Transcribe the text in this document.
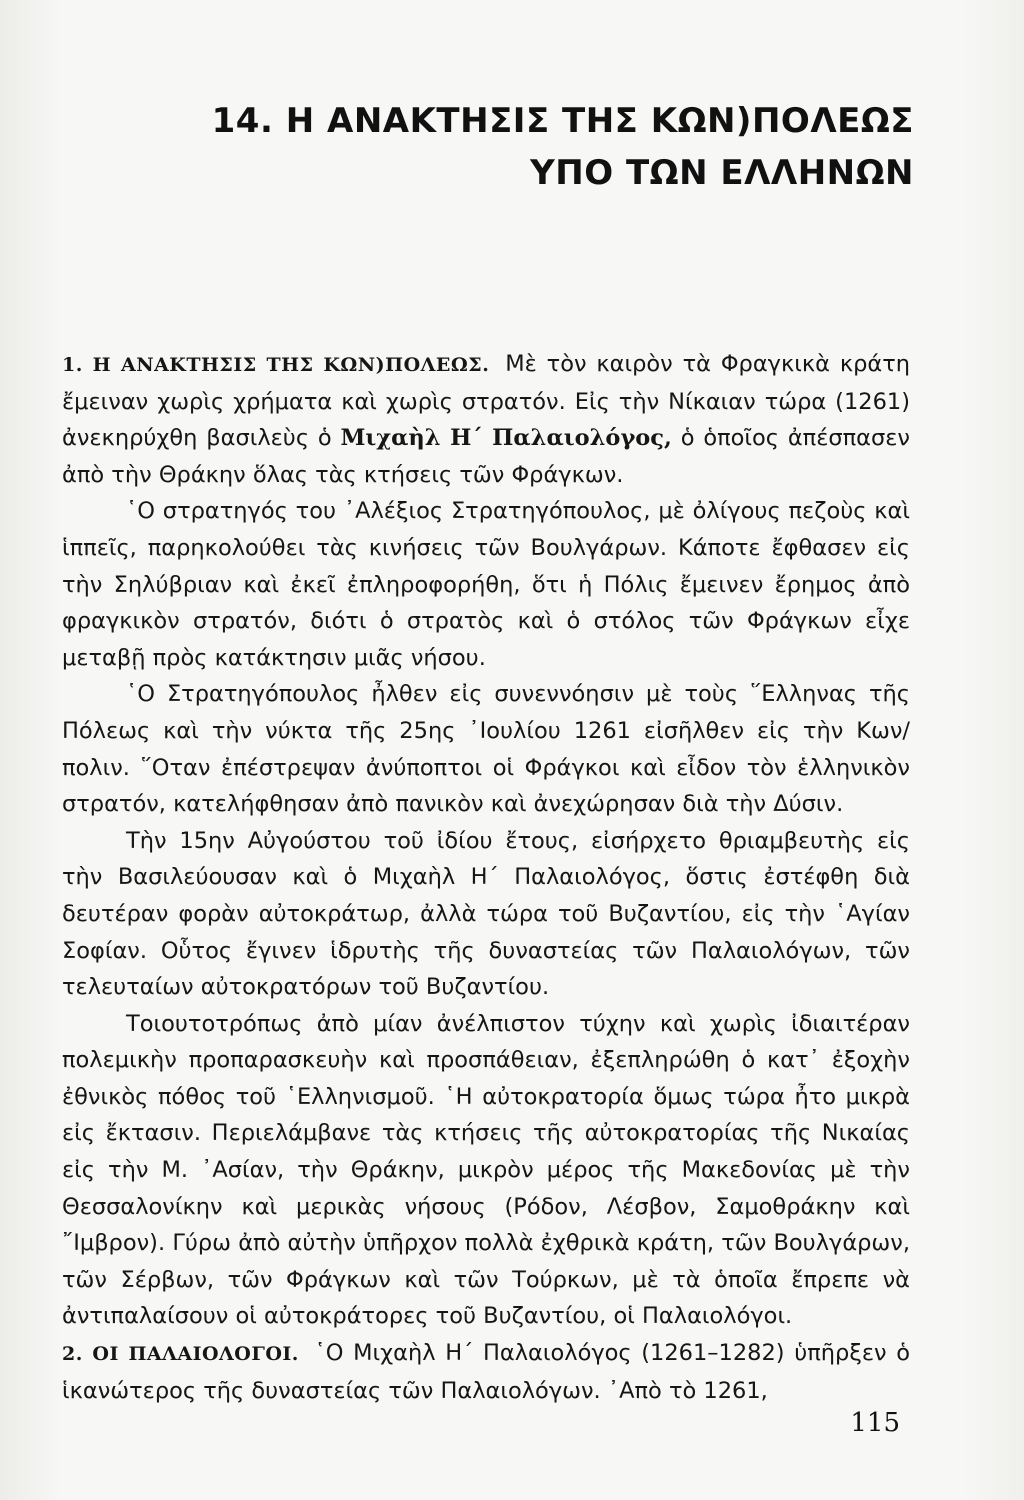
14. Η ΑΝΑΚΤΗΣΙΣ ΤΗΣ ΚΩΝ)ΠΟΛΕΩΣ
ΥΠΟ ΤΩΝ ΕΛΛΗΝΩΝ

1. Η ΑΝΑΚΤΗΣΙΣ ΤΗΣ ΚΩΝ)ΠΟΛΕΩΣ. Μὲ τὸν καιρὸν τὰ Φραγκικὰ κράτη ἔμειναν χωρὶς χρήματα καὶ χωρὶς στρατόν. Εἰς τὴν Νίκαιαν τώρα (1261) ἀνεκηρύχθη βασιλεὺς ὁ Μιχαὴλ Η΄ Παλαιολόγος, ὁ ὁποῖος ἀπέσπασεν ἀπὸ τὴν Θράκην ὅλας τὰς κτήσεις τῶν Φράγκων.

῾Ο στρατηγός του ᾿Αλέξιος Στρατηγόπουλος, μὲ ὀλίγους πεζοὺς καὶ ἱππεῖς, παρηκολούθει τὰς κινήσεις τῶν Βουλγάρων. Κάποτε ἔφθασεν εἰς τὴν Σηλύβριαν καὶ ἐκεῖ ἐπληροφορήθη, ὅτι ἡ Πόλις ἔμεινεν ἔρημος ἀπὸ φραγκικὸν στρατόν, διότι ὁ στρατὸς καὶ ὁ στόλος τῶν Φράγκων εἶχε μεταβῇ πρὸς κατάκτησιν μιᾶς νήσου.

῾Ο Στρατηγόπουλος ἦλθεν εἰς συνεννόησιν μὲ τοὺς ῞Ελληνας τῆς Πόλεως καὶ τὴν νύκτα τῆς 25ης ᾿Ιουλίου 1261 εἰσῆλθεν εἰς τὴν Κων/πολιν. ῞Οταν ἐπέστρεψαν ἀνύποπτοι οἱ Φράγκοι καὶ εἶδον τὸν ἑλληνικὸν στρατόν, κατελήφθησαν ἀπὸ πανικὸν καὶ ἀνεχώρησαν διὰ τὴν Δύσιν.

Τὴν 15ην Αὐγούστου τοῦ ἰδίου ἔτους, εἰσήρχετο θριαμβευτὴς εἰς τὴν Βασιλεύουσαν καὶ ὁ Μιχαὴλ Η΄ Παλαιολόγος, ὅστις ἐστέφθη διὰ δευτέραν φορὰν αὐτοκράτωρ, ἀλλὰ τώρα τοῦ Βυζαντίου, εἰς τὴν ῾Αγίαν Σοφίαν. Οὗτος ἔγινεν ἱδρυτὴς τῆς δυναστείας τῶν Παλαιολόγων, τῶν τελευταίων αὐτοκρατόρων τοῦ Βυζαντίου.

Τοιουτοτρόπως ἀπὸ μίαν ἀνέλπιστον τύχην καὶ χωρὶς ἰδιαιτέραν πολεμικὴν προπαρασκευὴν καὶ προσπάθειαν, ἐξεπληρώθη ὁ κατ᾿ ἐξοχὴν ἐθνικὸς πόθος τοῦ ῾Ελληνισμοῦ. ῾Η αὐτοκρατορία ὅμως τώρα ἦτο μικρὰ εἰς ἔκτασιν. Περιελάμβανε τὰς κτήσεις τῆς αὐτοκρατορίας τῆς Νικαίας εἰς τὴν Μ. ᾿Ασίαν, τὴν Θράκην, μικρὸν μέρος τῆς Μακεδονίας μὲ τὴν Θεσσαλονίκην καὶ μερικὰς νήσους (Ρόδον, Λέσβον, Σαμοθράκην καὶ ῎Ιμβρον). Γύρω ἀπὸ αὐτὴν ὑπῆρχον πολλὰ ἐχθρικὰ κράτη, τῶν Βουλγάρων, τῶν Σέρβων, τῶν Φράγκων καὶ τῶν Τούρκων, μὲ τὰ ὁποῖα ἔπρεπε νὰ ἀντιπαλαίσουν οἱ αὐτοκράτορες τοῦ Βυζαντίου, οἱ Παλαιολόγοι.

2. ΟΙ ΠΑΛΑΙΟΛΟΓΟΙ. ῾Ο Μιχαὴλ Η΄ Παλαιολόγος (1261–1282) ὑπῆρξεν ὁ ἱκανώτερος τῆς δυναστείας τῶν Παλαιολόγων. ᾿Απὸ τὸ 1261,

115
